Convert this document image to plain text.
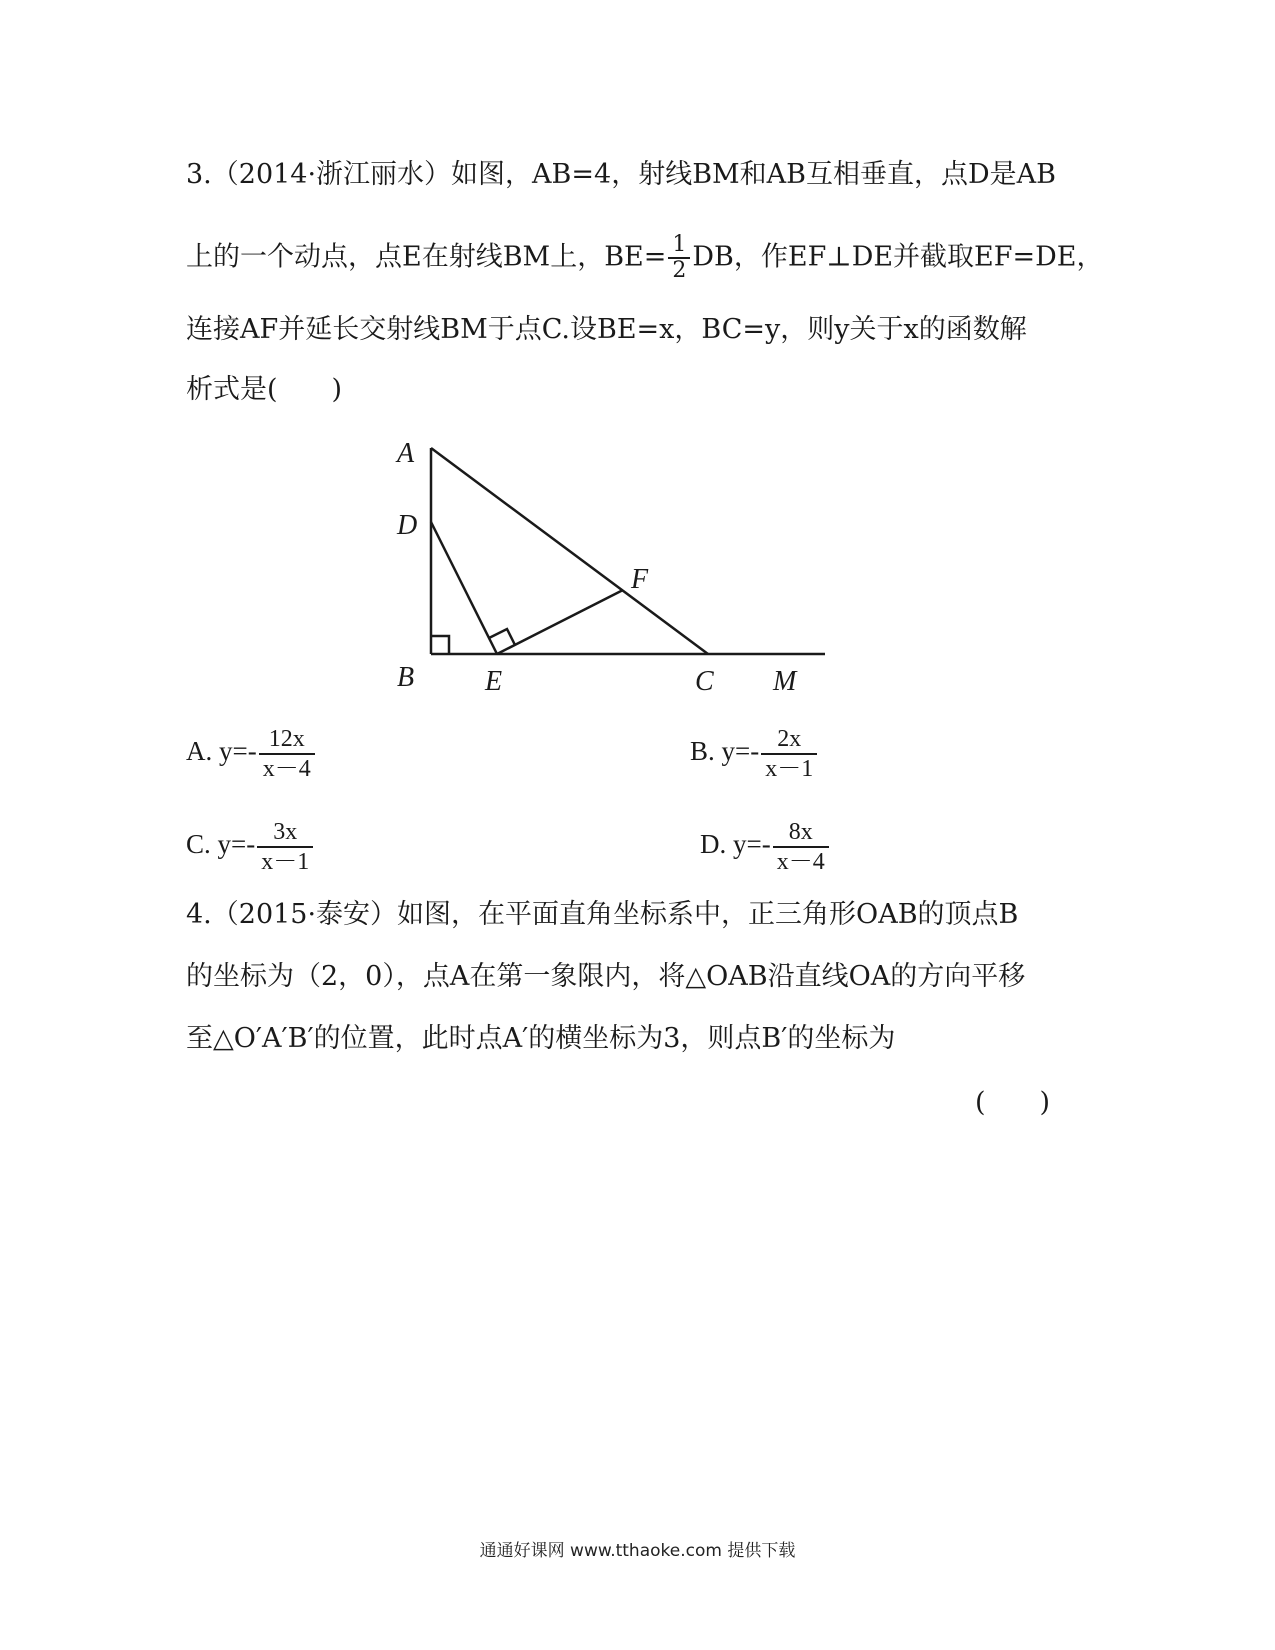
3.（2014·浙江丽水）如图，AB=4，射线BM和AB互相垂直，点D是AB
上的一个动点，点E在射线BM上，$BE= \frac{1}{2}$ DB，作EF⊥DE并截取EF=DE，
连接AF并延长交射线BM于点C.设BE=x，BC=y，则y关于x的函数解
析式是(　　)
A
D
F
B	E	C M
A. $y=- \frac{12x}{x-4}$	B. $y=- \frac{2x}{x-1}$
C. $y=- \frac{3x}{x-1}$	D. $y=- \frac{8x}{x-4}$
4.（2015·泰安）如图，在平面直角坐标系中，正三角形OAB的顶点B
的坐标为（2，0），点A在第一象限内，将△OAB沿直线OA的方向平移
至△O′A′B′的位置，此时点A′的横坐标为3，则点B′的坐标为
(　　)
通通好课网 www.tthaoke.com 提供下载
